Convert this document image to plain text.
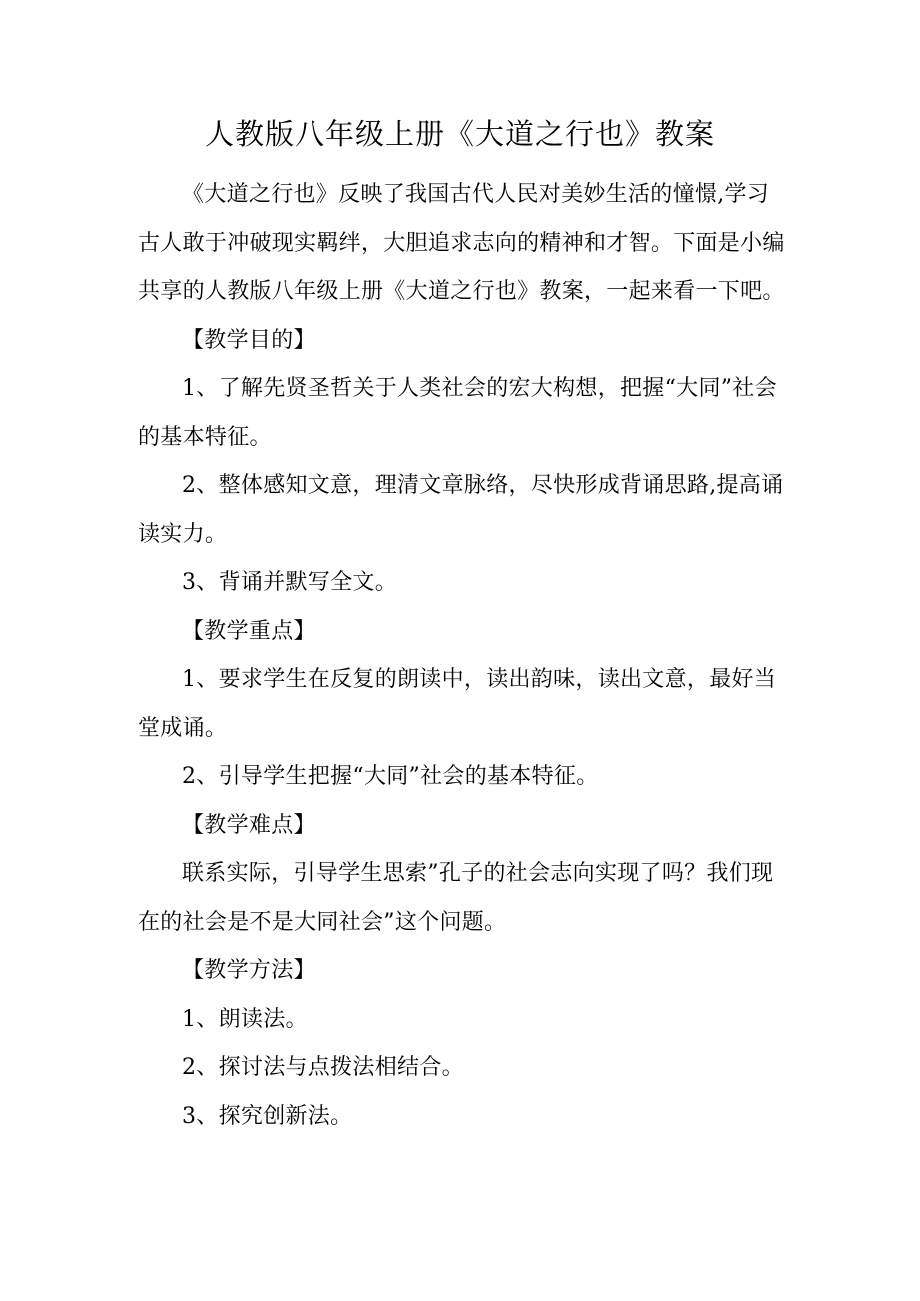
人教版八年级上册《大道之行也》教案

《大道之行也》反映了我国古代人民对美妙生活的憧憬,学习古人敢于冲破现实羁绊，大胆追求志向的精神和才智。下面是小编共享的人教版八年级上册《大道之行也》教案，一起来看一下吧。

【教学目的】

1、了解先贤圣哲关于人类社会的宏大构想，把握“大同”社会的基本特征。

2、整体感知文意，理清文章脉络，尽快形成背诵思路,提高诵读实力。

3、背诵并默写全文。

【教学重点】

1、要求学生在反复的朗读中，读出韵味，读出文意，最好当堂成诵。

2、引导学生把握“大同”社会的基本特征。

【教学难点】

联系实际，引导学生思索”孔子的社会志向实现了吗？我们现在的社会是不是大同社会”这个问题。

【教学方法】

1、朗读法。

2、探讨法与点拨法相结合。

3、探究创新法。
